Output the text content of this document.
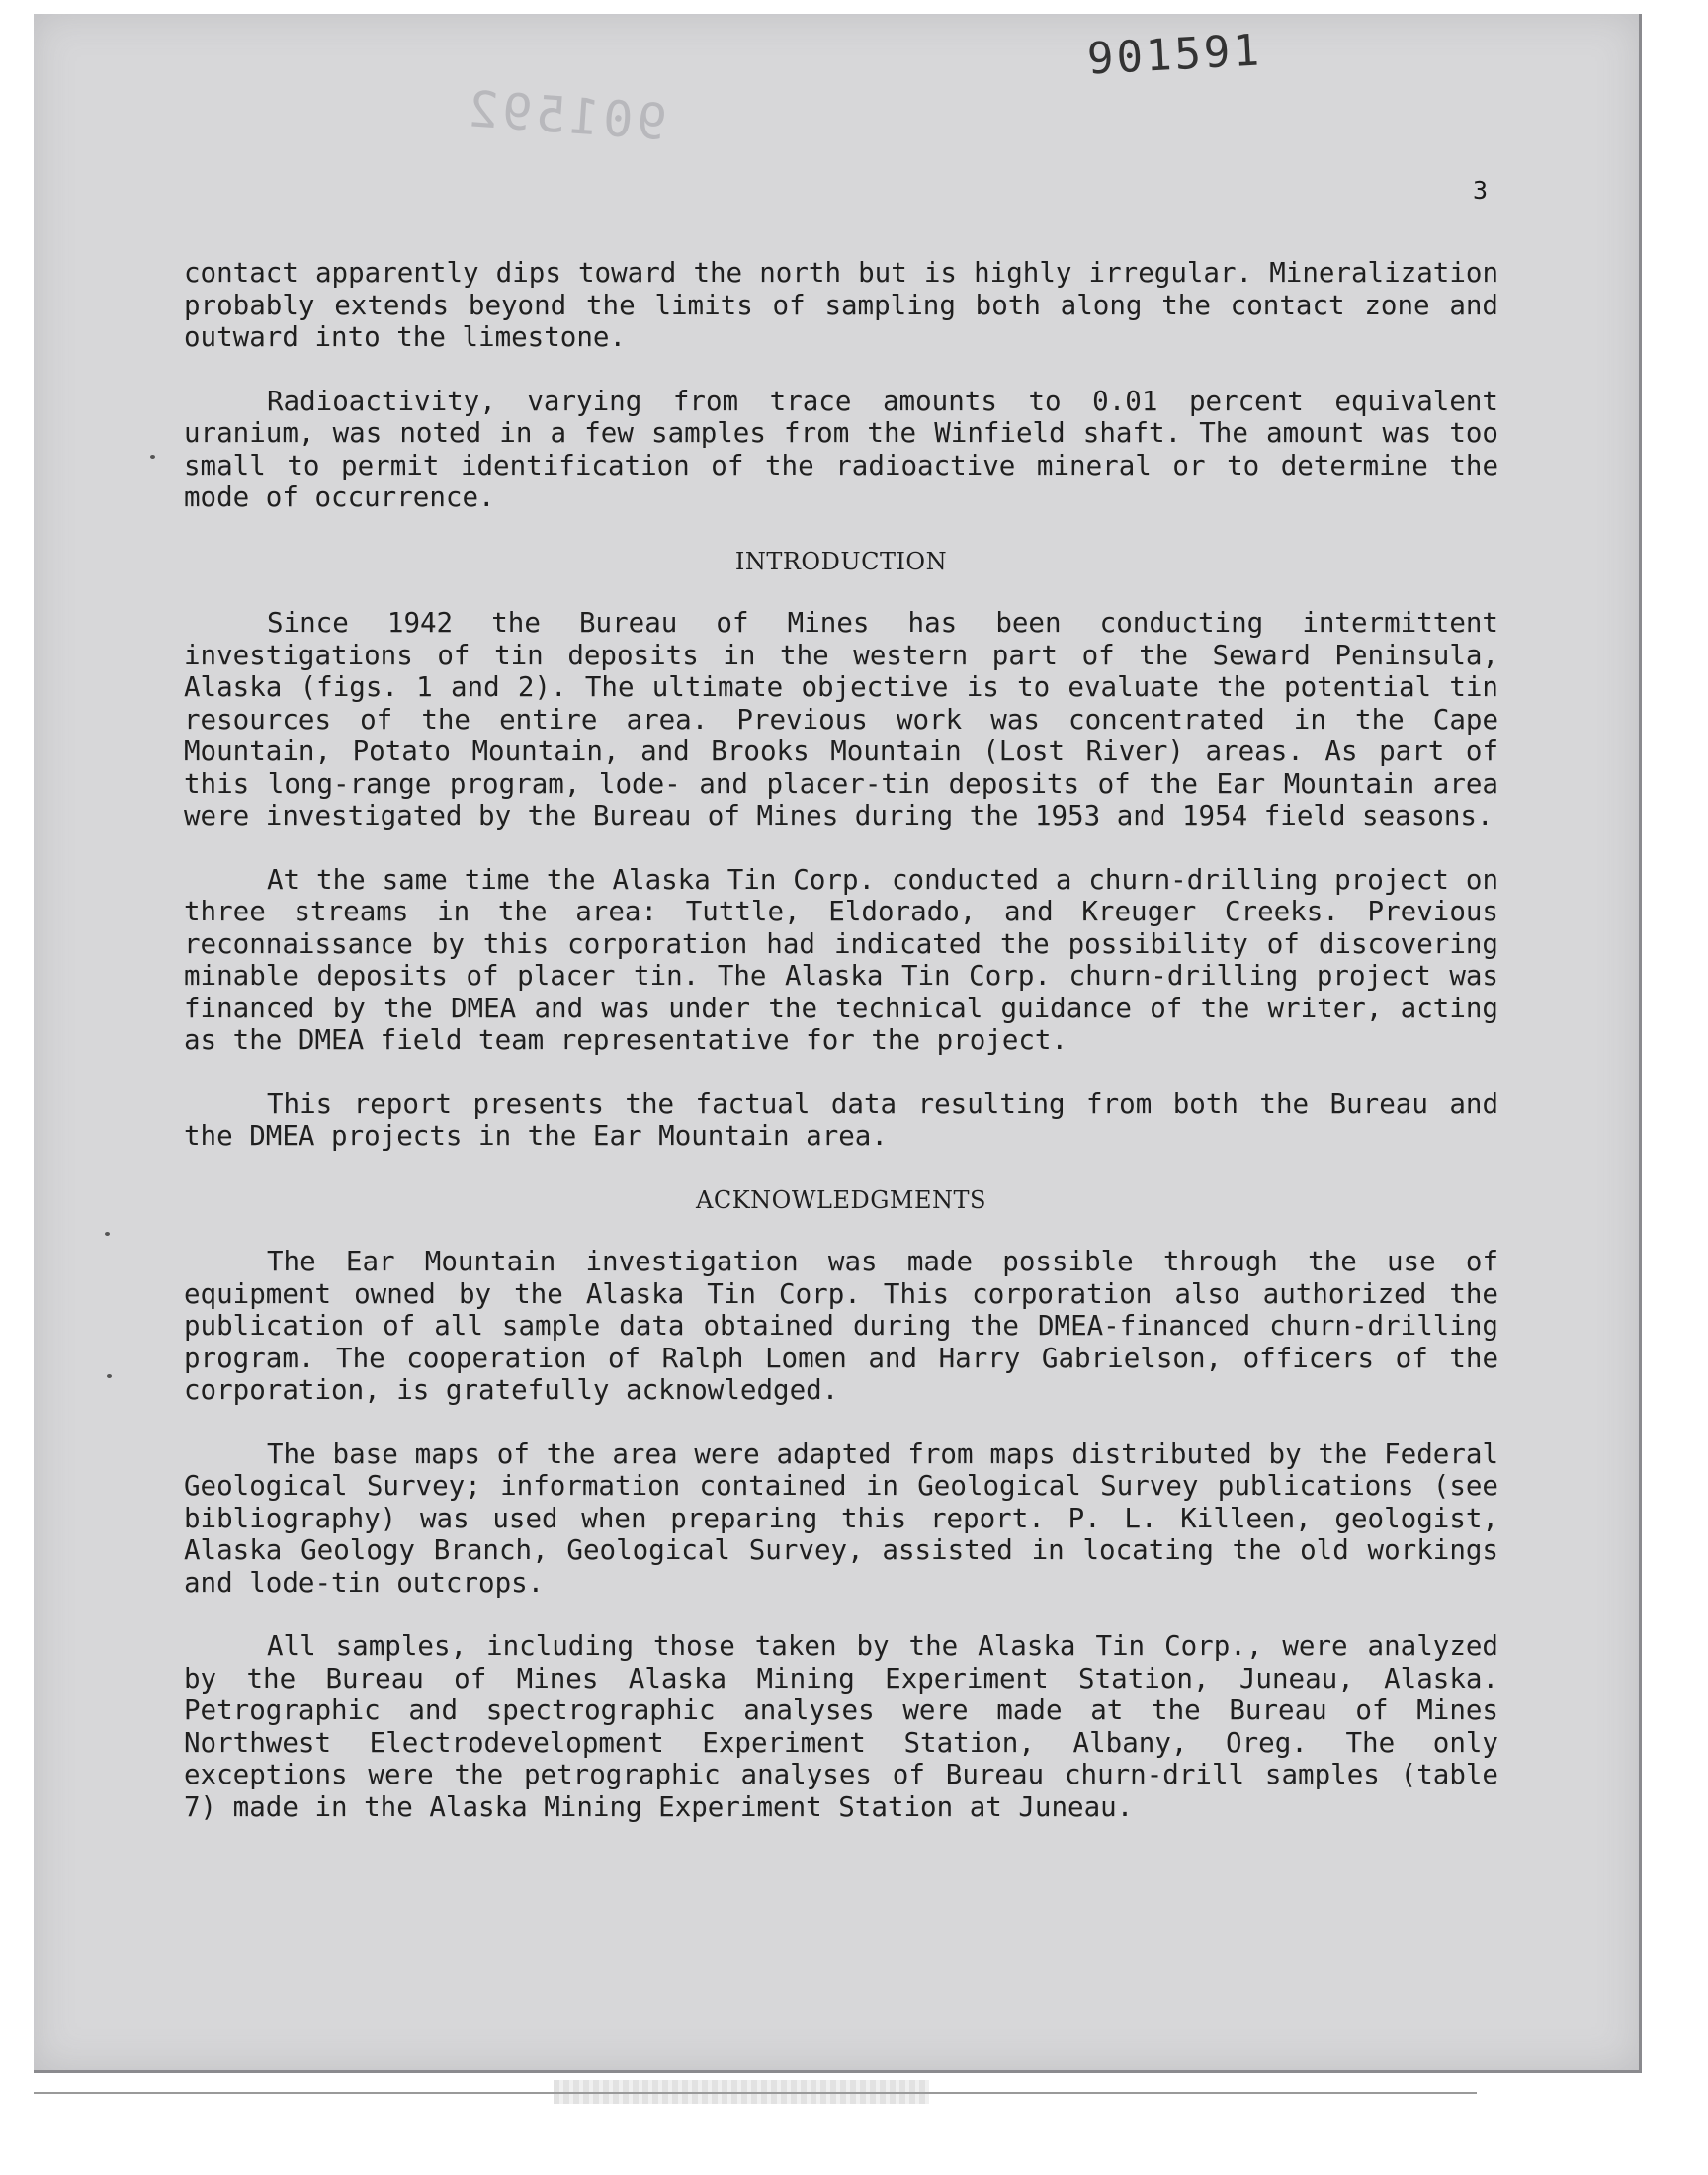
901592
901591
3

contact apparently dips toward the north but is highly irregular. Mineralization probably extends beyond the limits of sampling both along the contact zone and outward into the limestone.

Radioactivity, varying from trace amounts to 0.01 percent equivalent uranium, was noted in a few samples from the Winfield shaft. The amount was too small to permit identification of the radioactive mineral or to determine the mode of occurrence.

INTRODUCTION

Since 1942 the Bureau of Mines has been conducting intermittent investigations of tin deposits in the western part of the Seward Peninsula, Alaska (figs. 1 and 2). The ultimate objective is to evaluate the potential tin resources of the entire area. Previous work was concentrated in the Cape Mountain, Potato Mountain, and Brooks Mountain (Lost River) areas. As part of this long-range program, lode- and placer-tin deposits of the Ear Mountain area were investigated by the Bureau of Mines during the 1953 and 1954 field seasons.

At the same time the Alaska Tin Corp. conducted a churn-drilling project on three streams in the area: Tuttle, Eldorado, and Kreuger Creeks. Previous reconnaissance by this corporation had indicated the possibility of discovering minable deposits of placer tin. The Alaska Tin Corp. churn-drilling project was financed by the DMEA and was under the technical guidance of the writer, acting as the DMEA field team representative for the project.

This report presents the factual data resulting from both the Bureau and the DMEA projects in the Ear Mountain area.

ACKNOWLEDGMENTS

The Ear Mountain investigation was made possible through the use of equipment owned by the Alaska Tin Corp. This corporation also authorized the publication of all sample data obtained during the DMEA-financed churn-drilling program. The cooperation of Ralph Lomen and Harry Gabrielson, officers of the corporation, is gratefully acknowledged.

The base maps of the area were adapted from maps distributed by the Federal Geological Survey; information contained in Geological Survey publications (see bibliography) was used when preparing this report. P. L. Killeen, geologist, Alaska Geology Branch, Geological Survey, assisted in locating the old workings and lode-tin outcrops.

All samples, including those taken by the Alaska Tin Corp., were analyzed by the Bureau of Mines Alaska Mining Experiment Station, Juneau, Alaska. Petrographic and spectrographic analyses were made at the Bureau of Mines Northwest Electrodevelopment Experiment Station, Albany, Oreg. The only exceptions were the petrographic analyses of Bureau churn-drill samples (table 7) made in the Alaska Mining Experiment Station at Juneau.
